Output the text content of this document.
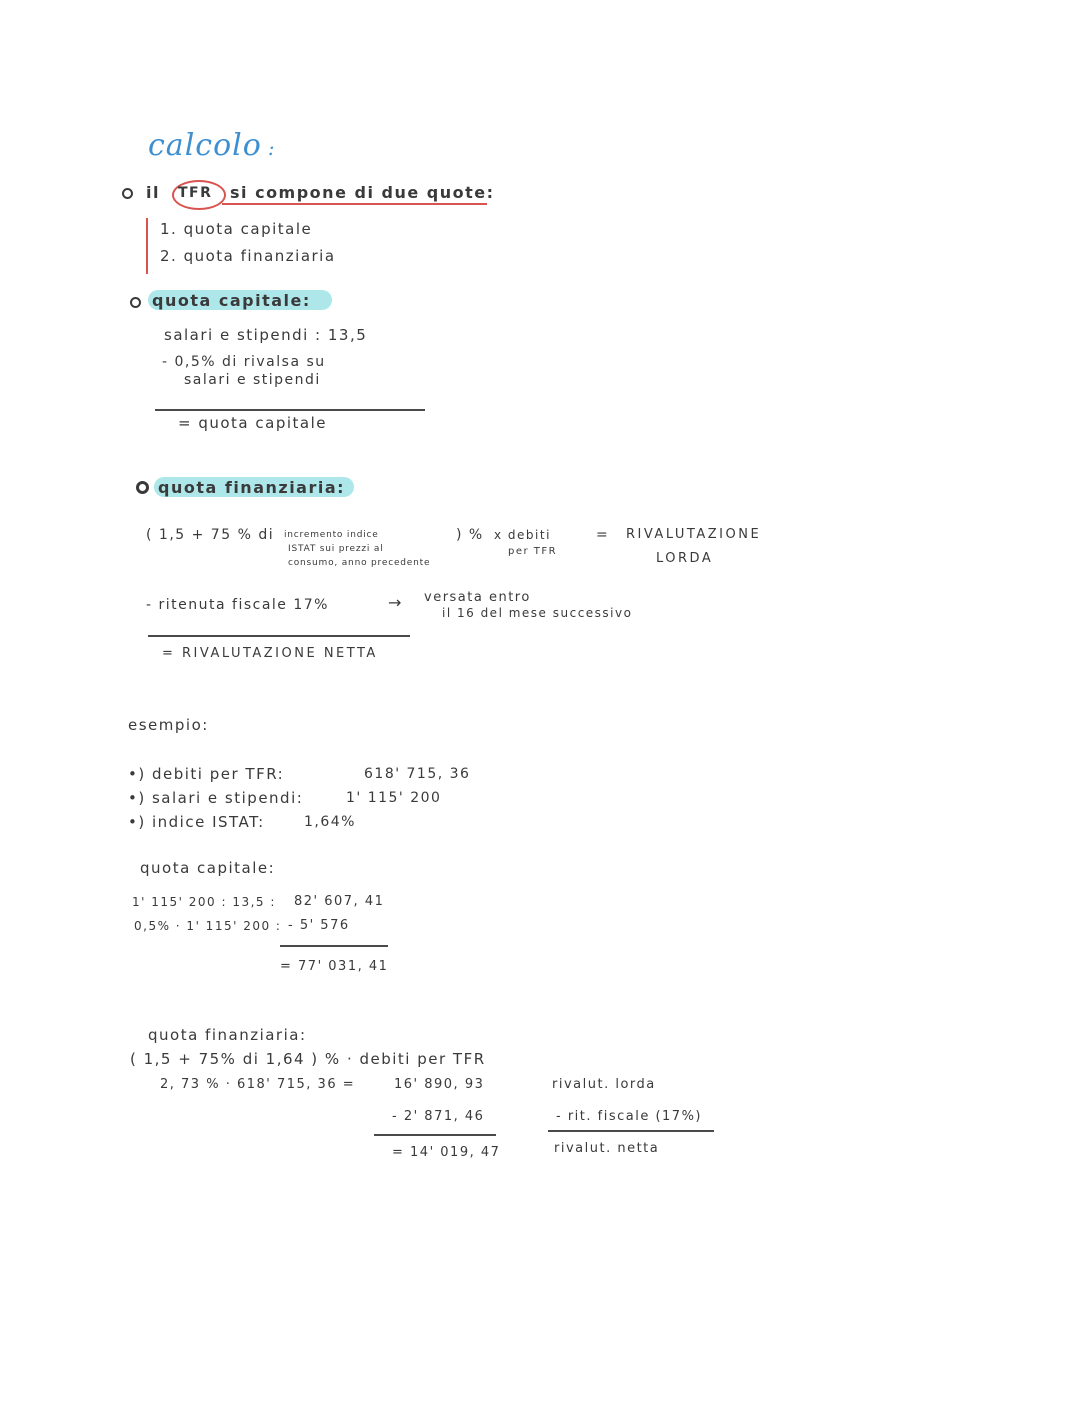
calcolo :
il TFR si compone di due quote:
1. quota capitale
2. quota finanziaria
quota capitale:
salari e stipendi : 13,5
- 0,5% di rivalsa su
salari e stipendi
= quota capitale
quota finanziaria:
( 1,5 + 75 % di incremento indice
ISTAT sui prezzi al
consumo, anno precedente
) % x debiti
per TFR
= RIVALUTAZIONE
LORDA
- ritenuta fiscale 17%	→ versata entro
il 16 del mese successivo
= RIVALUTAZIONE NETTA
esempio:
•) debiti per TFR:	618' 715, 36
•) salari e stipendi:	1' 115' 200
•) indice ISTAT:	1,64%
quota capitale:
1' 115' 200 : 13,5 : 82' 607, 41
0,5% · 1' 115' 200 : - 5' 576
= 77' 031, 41
quota finanziaria:
( 1,5 + 75% di 1,64 ) % · debiti per TFR
2, 73 % · 618' 715, 36 =	16' 890, 93	rivalut. lorda
- 2' 871, 46	- rit. fiscale (17%)
= 14' 019, 47	rivalut. netta
